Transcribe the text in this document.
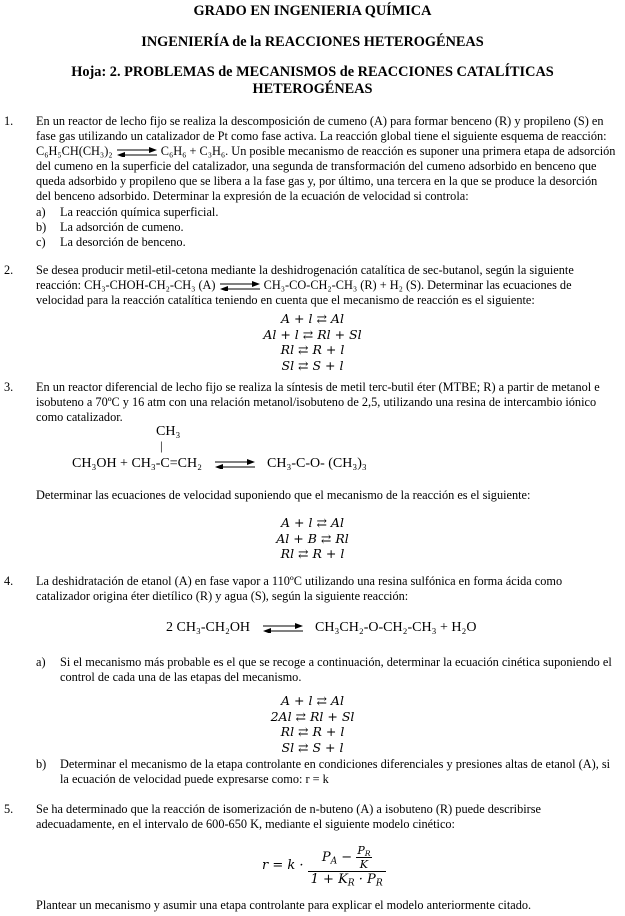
GRADO EN INGENIERIA QUÍMICA
INGENIERÍA de la REACCIONES HETEROGÉNEAS
Hoja: 2. PROBLEMAS de MECANISMOS de REACCIONES CATALÍTICAS
HETEROGÉNEAS
1.	En un reactor de lecho fijo se realiza la descomposición de cumeno (A) para formar benceno (R) y propileno (S) en
fase gas utilizando un catalizador de Pt como fase activa. La reacción global tiene el siguiente esquema de reacción:
C₆H₅CH(CH₃)₂ ⇌ C₆H₆ + C₃H₆. Un posible mecanismo de reacción es suponer una primera etapa de adsorción
del cumeno en la superficie del catalizador, una segunda de transformación del cumeno adsorbido en benceno que
queda adsorbido y propileno que se libera a la fase gas y, por último, una tercera en la que se produce la desorción
del benceno adsorbido. Determinar la expresión de la ecuación de velocidad si controla:
a) La reacción química superficial.
b) La adsorción de cumeno.
c) La desorción de benceno.
2.	Se desea producir metil-etil-cetona mediante la deshidrogenación catalítica de sec-butanol, según la siguiente
reacción: CH₃-CHOH-CH₂-CH₃ (A) ⇌ CH₃-CO-CH₂-CH₃ (R) + H₂ (S). Determinar las ecuaciones de
velocidad para la reacción catalítica teniendo en cuenta que el mecanismo de reacción es el siguiente:
A + l ⇄ Al
Al + l ⇄ Rl + Sl
Rl ⇄ R + l
Sl ⇄ S + l
3.	En un reactor diferencial de lecho fijo se realiza la síntesis de metil terc-butil éter (MTBE; R) a partir de metanol e
isobuteno a 70ºC y 16 atm con una relación metanol/isobuteno de 2,5, utilizando una resina de intercambio iónico
como catalizador.
CH₃
|
CH₃OH + CH₃-C=CH₂ ⇌ CH₃-C-O- (CH₃)₃
Determinar las ecuaciones de velocidad suponiendo que el mecanismo de la reacción es el siguiente:
A + l ⇄ Al
Al + B ⇄ Rl
Rl ⇄ R + l
4.	La deshidratación de etanol (A) en fase vapor a 110ºC utilizando una resina sulfónica en forma ácida como
catalizador origina éter dietílico (R) y agua (S), según la siguiente reacción:
2 CH₃-CH₂OH ⇌ CH₃CH₂-O-CH₂-CH₃ + H₂O
a) Si el mecanismo más probable es el que se recoge a continuación, determinar la ecuación cinética suponiendo el
control de cada una de las etapas del mecanismo.
A + l ⇄ Al
2Al ⇄ Rl + Sl
Rl ⇄ R + l
Sl ⇄ S + l
b) Determinar el mecanismo de la etapa controlante en condiciones diferenciales y presiones altas de etanol (A), si
la ecuación de velocidad puede expresarse como: r = k
5.	Se ha determinado que la reacción de isomerización de n-buteno (A) a isobuteno (R) puede describirse
adecuadamente, en el intervalo de 600-650 K, mediante el siguiente modelo cinético:
$r = k \cdot \frac{P_A - \frac{P_R}{K}}{1 + K_R \cdot P_R}$
Plantear un mecanismo y asumir una etapa controlante para explicar el modelo anteriormente citado.
